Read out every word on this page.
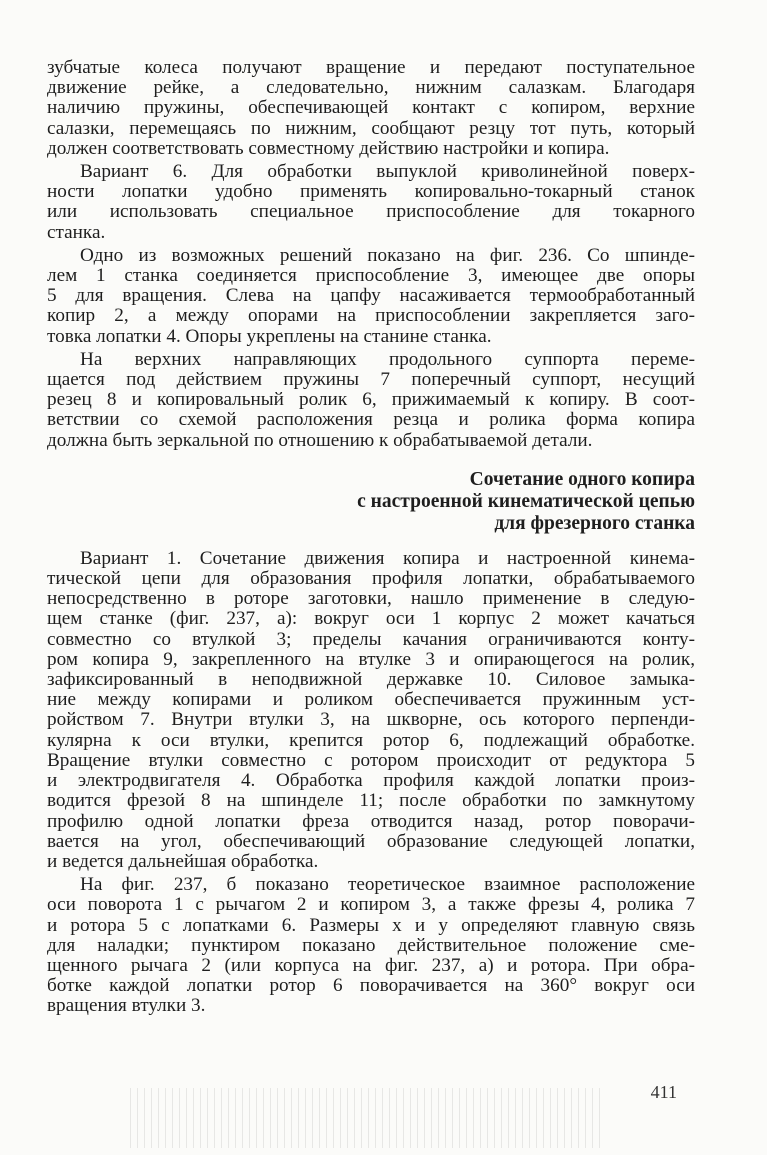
зубчатые колеса получают вращение и передают поступательное
движение рейке, а следовательно, нижним салазкам. Благодаря
наличию пружины, обеспечивающей контакт с копиром, верхние
салазки, перемещаясь по нижним, сообщают резцу тот путь, который
должен соответствовать совместному действию настройки и копира.

Вариант 6. Для обработки выпуклой криволинейной поверх-
ности лопатки удобно применять копировально-токарный станок
или использовать специальное приспособление для токарного
станка.

Одно из возможных решений показано на фиг. 236. Со шпинде-
лем 1 станка соединяется приспособление 3, имеющее две опоры
5 для вращения. Слева на цапфу насаживается термообработанный
копир 2, а между опорами на приспособлении закрепляется заго-
товка лопатки 4. Опоры укреплены на станине станка.

На верхних направляющих продольного суппорта переме-
щается под действием пружины 7 поперечный суппорт, несущий
резец 8 и копировальный ролик 6, прижимаемый к копиру. В соот-
ветствии со схемой расположения резца и ролика форма копира
должна быть зеркальной по отношению к обрабатываемой детали.

Сочетание одного копира
с настроенной кинематической цепью
для фрезерного станка

Вариант 1. Сочетание движения копира и настроенной кинема-
тической цепи для образования профиля лопатки, обрабатываемого
непосредственно в роторе заготовки, нашло применение в следую-
щем станке (фиг. 237, а): вокруг оси 1 корпус 2 может качаться
совместно со втулкой 3; пределы качания ограничиваются конту-
ром копира 9, закрепленного на втулке 3 и опирающегося на ролик,
зафиксированный в неподвижной державке 10. Силовое замыка-
ние между копирами и роликом обеспечивается пружинным уст-
ройством 7. Внутри втулки 3, на шкворне, ось которого перпенди-
кулярна к оси втулки, крепится ротор 6, подлежащий обработке.
Вращение втулки совместно с ротором происходит от редуктора 5
и электродвигателя 4. Обработка профиля каждой лопатки произ-
водится фрезой 8 на шпинделе 11; после обработки по замкнутому
профилю одной лопатки фреза отводится назад, ротор поворачи-
вается на угол, обеспечивающий образование следующей лопатки,
и ведется дальнейшая обработка.

На фиг. 237, б показано теоретическое взаимное расположение
оси поворота 1 с рычагом 2 и копиром 3, а также фрезы 4, ролика 7
и ротора 5 с лопатками 6. Размеры x и y определяют главную связь
для наладки; пунктиром показано действительное положение сме-
щенного рычага 2 (или корпуса на фиг. 237, а) и ротора. При обра-
ботке каждой лопатки ротор 6 поворачивается на 360° вокруг оси
вращения втулки 3.

411
